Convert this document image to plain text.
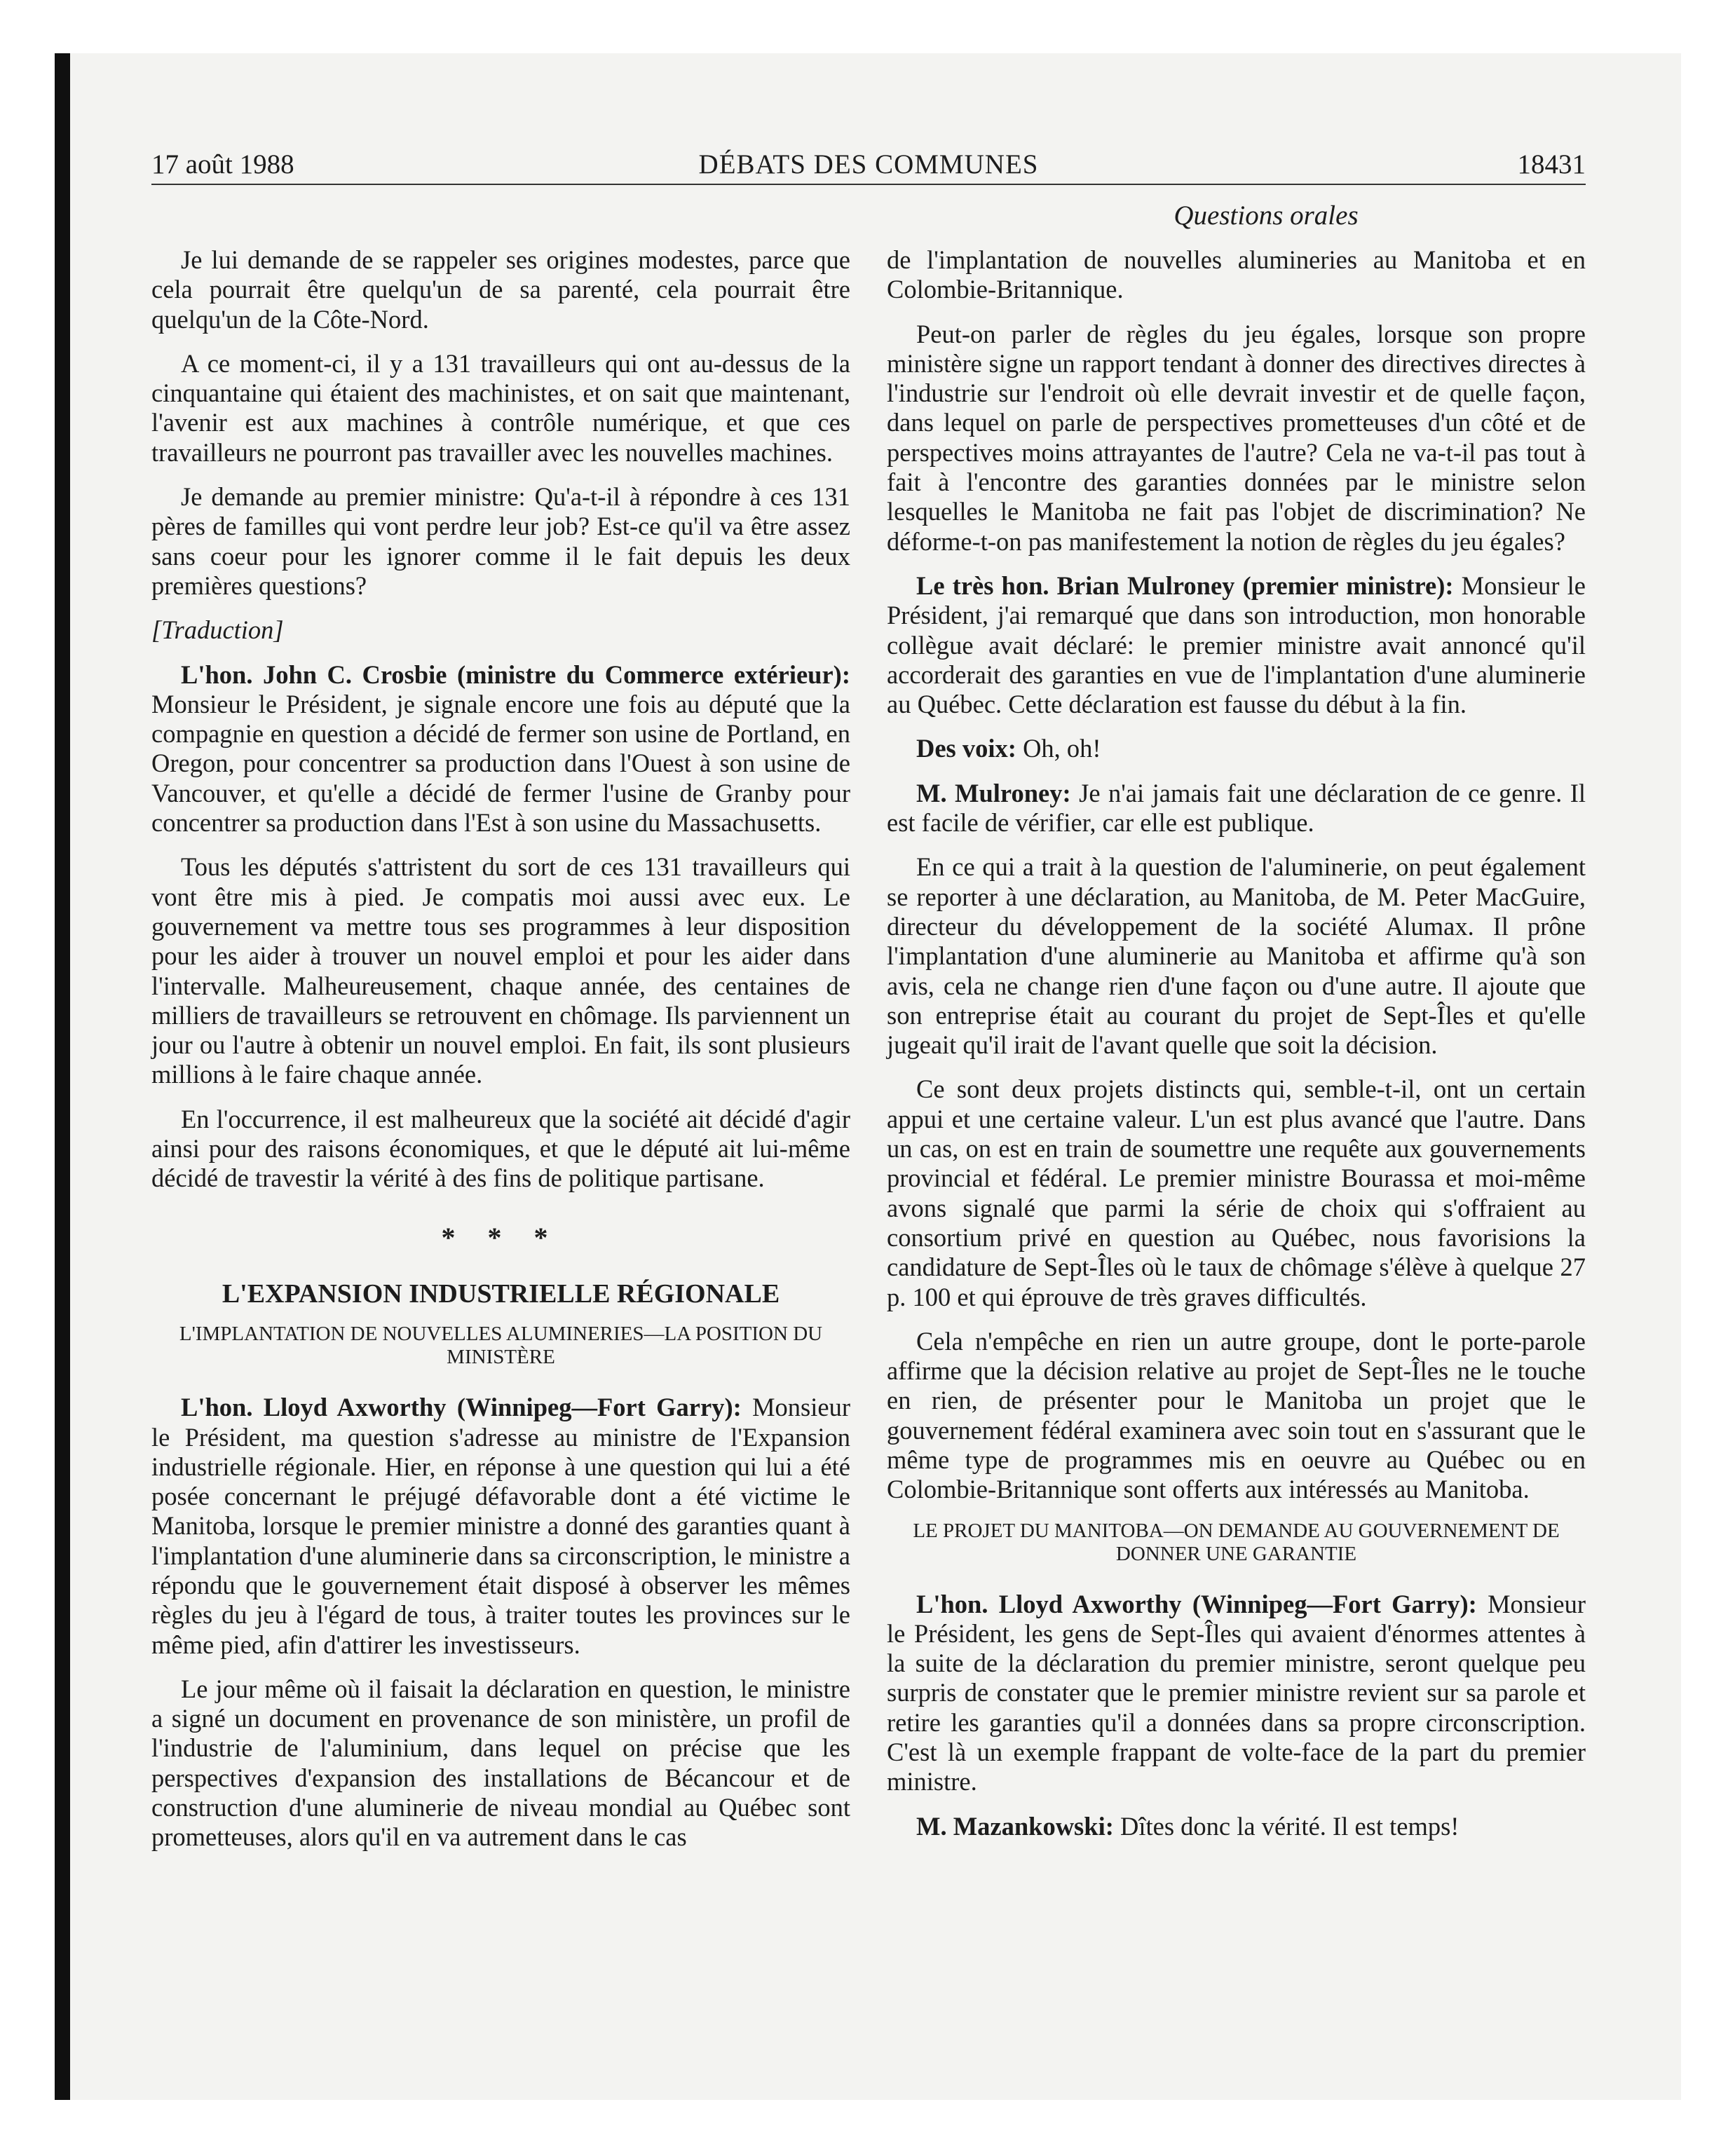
DÉBATS DES COMMUNES
17 août 1988	18431
Questions orales

Je lui demande de se rappeler ses origines modestes, parce que cela pourrait être quelqu'un de sa parenté, cela pourrait être quelqu'un de la Côte-Nord.

A ce moment-ci, il y a 131 travailleurs qui ont au-dessus de la cinquantaine qui étaient des machinistes, et on sait que maintenant, l'avenir est aux machines à contrôle numérique, et que ces travailleurs ne pourront pas travailler avec les nouvelles machines.

Je demande au premier ministre: Qu'a-t-il à répondre à ces 131 pères de familles qui vont perdre leur job? Est-ce qu'il va être assez sans coeur pour les ignorer comme il le fait depuis les deux premières questions?

[Traduction]

L'hon. John C. Crosbie (ministre du Commerce extérieur): Monsieur le Président, je signale encore une fois au député que la compagnie en question a décidé de fermer son usine de Portland, en Oregon, pour concentrer sa production dans l'Ouest à son usine de Vancouver, et qu'elle a décidé de fermer l'usine de Granby pour concentrer sa production dans l'Est à son usine du Massachusetts.

Tous les députés s'attristent du sort de ces 131 travailleurs qui vont être mis à pied. Je compatis moi aussi avec eux. Le gouvernement va mettre tous ses programmes à leur disposition pour les aider à trouver un nouvel emploi et pour les aider dans l'intervalle. Malheureusement, chaque année, des centaines de milliers de travailleurs se retrouvent en chômage. Ils parviennent un jour ou l'autre à obtenir un nouvel emploi. En fait, ils sont plusieurs millions à le faire chaque année.

En l'occurrence, il est malheureux que la société ait décidé d'agir ainsi pour des raisons économiques, et que le député ait lui-même décidé de travestir la vérité à des fins de politique partisane.

* * *
L'EXPANSION INDUSTRIELLE RÉGIONALE
L'IMPLANTATION DE NOUVELLES ALUMINERIES—LA POSITION DU MINISTÈRE

L'hon. Lloyd Axworthy (Winnipeg—Fort Garry): Monsieur le Président, ma question s'adresse au ministre de l'Expansion industrielle régionale. Hier, en réponse à une question qui lui a été posée concernant le préjugé défavorable dont a été victime le Manitoba, lorsque le premier ministre a donné des garanties quant à l'implantation d'une aluminerie dans sa circonscription, le ministre a répondu que le gouvernement était disposé à observer les mêmes règles du jeu à l'égard de tous, à traiter toutes les provinces sur le même pied, afin d'attirer les investisseurs.

Le jour même où il faisait la déclaration en question, le ministre a signé un document en provenance de son ministère, un profil de l'industrie de l'aluminium, dans lequel on précise que les perspectives d'expansion des installations de Bécancour et de construction d'une aluminerie de niveau mondial au Québec sont prometteuses, alors qu'il en va autrement dans le cas

de l'implantation de nouvelles alumineries au Manitoba et en Colombie-Britannique.

Peut-on parler de règles du jeu égales, lorsque son propre ministère signe un rapport tendant à donner des directives directes à l'industrie sur l'endroit où elle devrait investir et de quelle façon, dans lequel on parle de perspectives prometteuses d'un côté et de perspectives moins attrayantes de l'autre? Cela ne va-t-il pas tout à fait à l'encontre des garanties données par le ministre selon lesquelles le Manitoba ne fait pas l'objet de discrimination? Ne déforme-t-on pas manifestement la notion de règles du jeu égales?

Le très hon. Brian Mulroney (premier ministre): Monsieur le Président, j'ai remarqué que dans son introduction, mon honorable collègue avait déclaré: le premier ministre avait annoncé qu'il accorderait des garanties en vue de l'implantation d'une aluminerie au Québec. Cette déclaration est fausse du début à la fin.

Des voix: Oh, oh!

M. Mulroney: Je n'ai jamais fait une déclaration de ce genre. Il est facile de vérifier, car elle est publique.

En ce qui a trait à la question de l'aluminerie, on peut également se reporter à une déclaration, au Manitoba, de M. Peter MacGuire, directeur du développement de la société Alumax. Il prône l'implantation d'une aluminerie au Manitoba et affirme qu'à son avis, cela ne change rien d'une façon ou d'une autre. Il ajoute que son entreprise était au courant du projet de Sept-Îles et qu'elle jugeait qu'il irait de l'avant quelle que soit la décision.

Ce sont deux projets distincts qui, semble-t-il, ont un certain appui et une certaine valeur. L'un est plus avancé que l'autre. Dans un cas, on est en train de soumettre une requête aux gouvernements provincial et fédéral. Le premier ministre Bourassa et moi-même avons signalé que parmi la série de choix qui s'offraient au consortium privé en question au Québec, nous favorisions la candidature de Sept-Îles où le taux de chômage s'élève à quelque 27 p. 100 et qui éprouve de très graves difficultés.

Cela n'empêche en rien un autre groupe, dont le porte-parole affirme que la décision relative au projet de Sept-Îles ne le touche en rien, de présenter pour le Manitoba un projet que le gouvernement fédéral examinera avec soin tout en s'assurant que le même type de programmes mis en oeuvre au Québec ou en Colombie-Britannique sont offerts aux intéressés au Manitoba.

LE PROJET DU MANITOBA—ON DEMANDE AU GOUVERNEMENT DE DONNER UNE GARANTIE

L'hon. Lloyd Axworthy (Winnipeg—Fort Garry): Monsieur le Président, les gens de Sept-Îles qui avaient d'énormes attentes à la suite de la déclaration du premier ministre, seront quelque peu surpris de constater que le premier ministre revient sur sa parole et retire les garanties qu'il a données dans sa propre circonscription. C'est là un exemple frappant de volte-face de la part du premier ministre.

M. Mazankowski: Dîtes donc la vérité. Il est temps!
